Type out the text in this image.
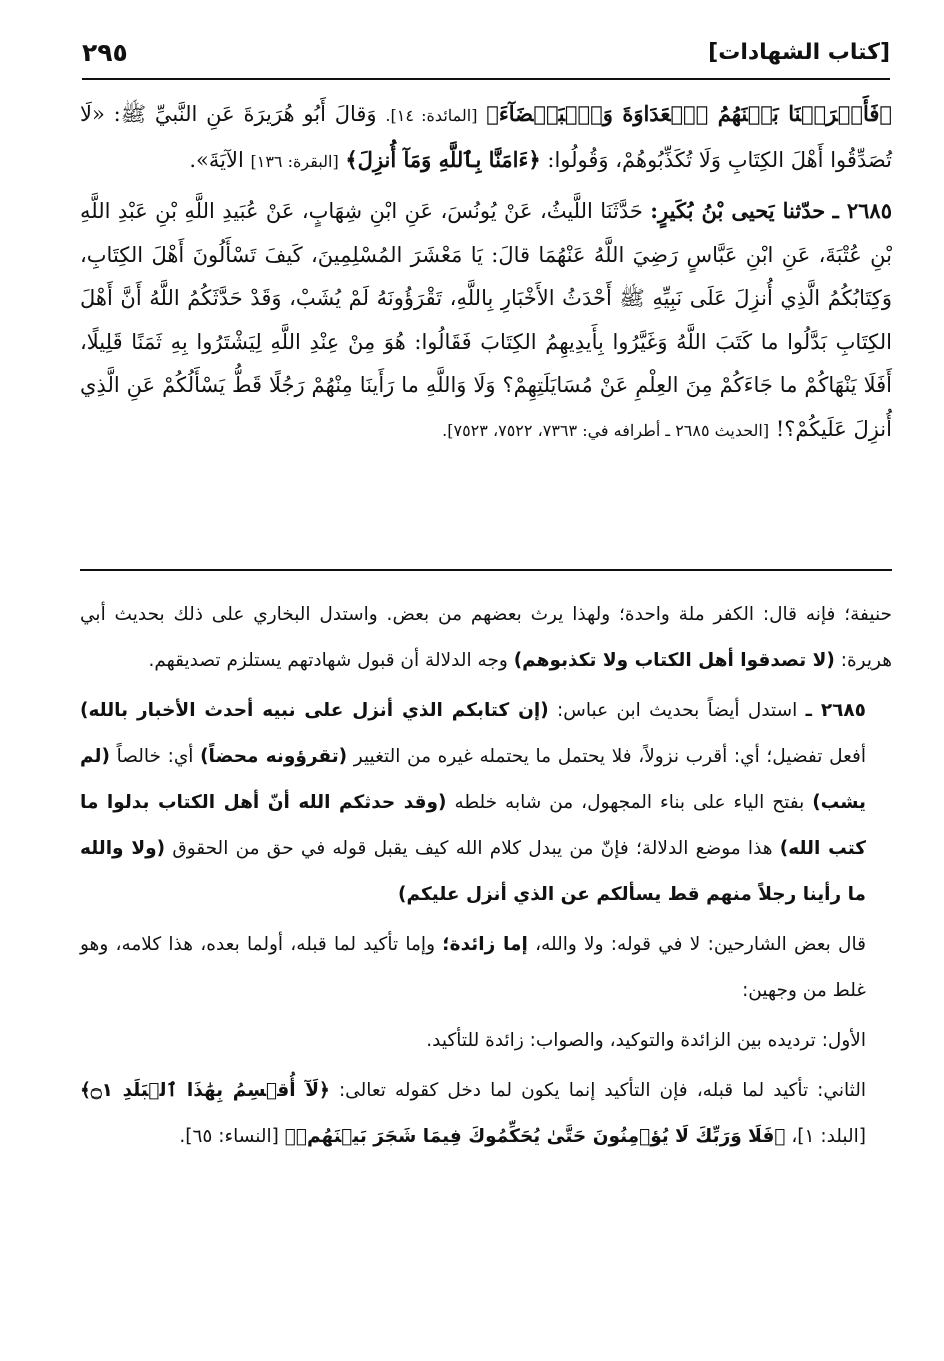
٢٩٥	[كتاب الشهادات]

﴿فَأَغۡرَيۡنَا بَيۡنَهُمُ ٱلۡعَدَاوَةَ وَٱلۡبَغۡضَآءَ﴾ [المائدة: ١٤]. وَقالَ أَبُو هُرَيرَةَ عَنِ النَّبيِّ ﷺ: «لَا تُصَدِّقُوا أَهْلَ الكِتَابِ وَلَا تُكَذِّبُوهُمْ، وَقُولُوا: ﴿ءَامَنَّا بِٱللَّهِ وَمَآ أُنزِلَ﴾ [البقرة: ١٣٦] الآيَةَ».

٢٦٨٥ ـ حدّثنا يَحيى بْنُ بُكَيرٍ: حَدَّثَنَا اللَّيثُ، عَنْ يُونُسَ، عَنِ ابْنِ شِهَابٍ، عَنْ عُبَيدِ اللَّهِ بْنِ عَبْدِ اللَّهِ بْنِ عُتْبَةَ، عَنِ ابْنِ عَبَّاسٍ رَضِيَ اللَّهُ عَنْهُمَا قالَ: يَا مَعْشَرَ المُسْلِمِينَ، كَيفَ تَسْأَلُونَ أَهْلَ الكِتَابِ، وَكِتَابُكُمُ الَّذِي أُنزِلَ عَلَى نَبِيِّهِ ﷺ أَحْدَثُ الأَخْبَارِ بِاللَّهِ، تَقْرَؤُونَهُ لَمْ يُشَبْ، وَقَدْ حَدَّثَكُمُ اللَّهُ أَنَّ أَهْلَ الكِتَابِ بَدَّلُوا ما كَتَبَ اللَّهُ وَغَيَّرُوا بِأَيدِيهِمُ الكِتَابَ فَقَالُوا: هُوَ مِنْ عِنْدِ اللَّهِ لِيَشْتَرُوا بِهِ ثَمَنًا قَلِيلًا، أَفَلَا يَنْهَاكُمْ ما جَاءَكُمْ مِنَ العِلْمِ عَنْ مُسَايَلَتِهِمْ؟ وَلَا وَاللَّهِ ما رَأَينَا مِنْهُمْ رَجُلًا قَطُّ يَسْأَلُكُمْ عَنِ الَّذِي أُنزِلَ عَلَيكُمْ؟! [الحديث ٢٦٨٥ ـ أطرافه في: ٧٣٦٣، ٧٥٢٢، ٧٥٢٣].

حنيفة؛ فإنه قال: الكفر ملة واحدة؛ ولهذا يرث بعضهم من بعض. واستدل البخاري على ذلك بحديث أبي هريرة: (لا تصدقوا أهل الكتاب ولا تكذبوهم) وجه الدلالة أن قبول شهادتهم يستلزم تصديقهم.

٢٦٨٥ ـ استدل أيضاً بحديث ابن عباس: (إن كتابكم الذي أنزل على نبيه أحدث الأخبار بالله) أفعل تفضيل؛ أي: أقرب نزولاً، فلا يحتمل ما يحتمله غيره من التغيير (تقرؤونه محضاً) أي: خالصاً (لم يشب) بفتح الياء على بناء المجهول، من شابه خلطه (وقد حدثكم الله أنّ أهل الكتاب بدلوا ما كتب الله) هذا موضع الدلالة؛ فإنّ من يبدل كلام الله كيف يقبل قوله في حق من الحقوق (ولا والله ما رأينا رجلاً منهم قط يسألكم عن الذي أنزل عليكم)

قال بعض الشارحين: لا في قوله: ولا والله، إما زائدة؛ وإما تأكيد لما قبله، أولما بعده، هذا كلامه، وهو غلط من وجهين:

الأول: ترديده بين الزائدة والتوكيد، والصواب: زائدة للتأكيد.

الثاني: تأكيد لما قبله، فإن التأكيد إنما يكون لما دخل كقوله تعالى: ﴿لَآ أُقۡسِمُ بِهَٰذَا ٱلۡبَلَدِ ۝١﴾ [البلد: ١]، ﴿فَلَا وَرَبِّكَ لَا يُؤۡمِنُونَ حَتَّىٰ يُحَكِّمُوكَ فِيمَا شَجَرَ بَيۡنَهُمۡ﴾ [النساء: ٦٥].
